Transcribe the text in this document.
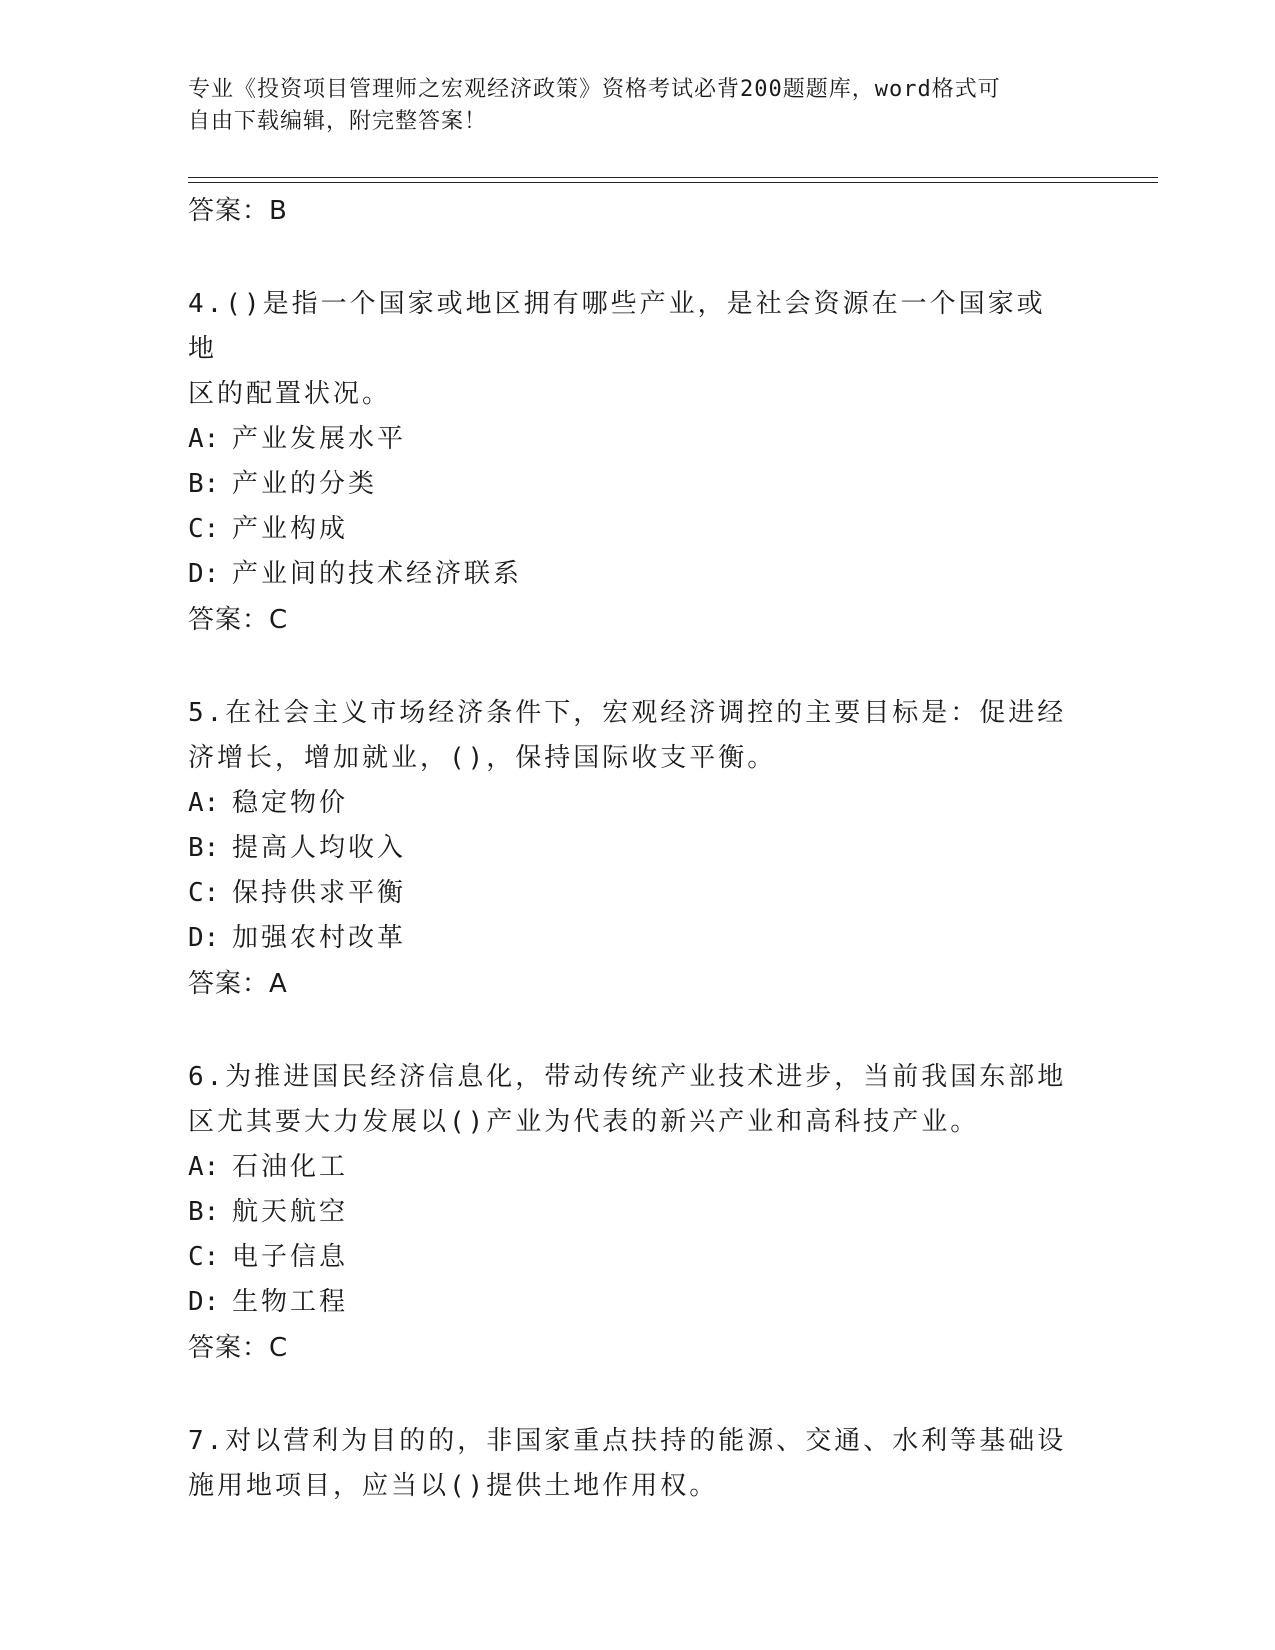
专业《投资项目管理师之宏观经济政策》资格考试必背200题题库，word格式可
自由下载编辑，附完整答案！
答案：B
4.()是指一个国家或地区拥有哪些产业，是社会资源在一个国家或地
区的配置状况。
A: 产业发展水平
B: 产业的分类
C: 产业构成
D: 产业间的技术经济联系
答案：C
5.在社会主义市场经济条件下，宏观经济调控的主要目标是：促进经
济增长，增加就业，()，保持国际收支平衡。
A: 稳定物价
B: 提高人均收入
C: 保持供求平衡
D: 加强农村改革
答案：A
6.为推进国民经济信息化，带动传统产业技术进步，当前我国东部地
区尤其要大力发展以()产业为代表的新兴产业和高科技产业。
A: 石油化工
B: 航天航空
C: 电子信息
D: 生物工程
答案：C
7.对以营利为目的的，非国家重点扶持的能源、交通、水利等基础设
施用地项目，应当以()提供土地作用权。
